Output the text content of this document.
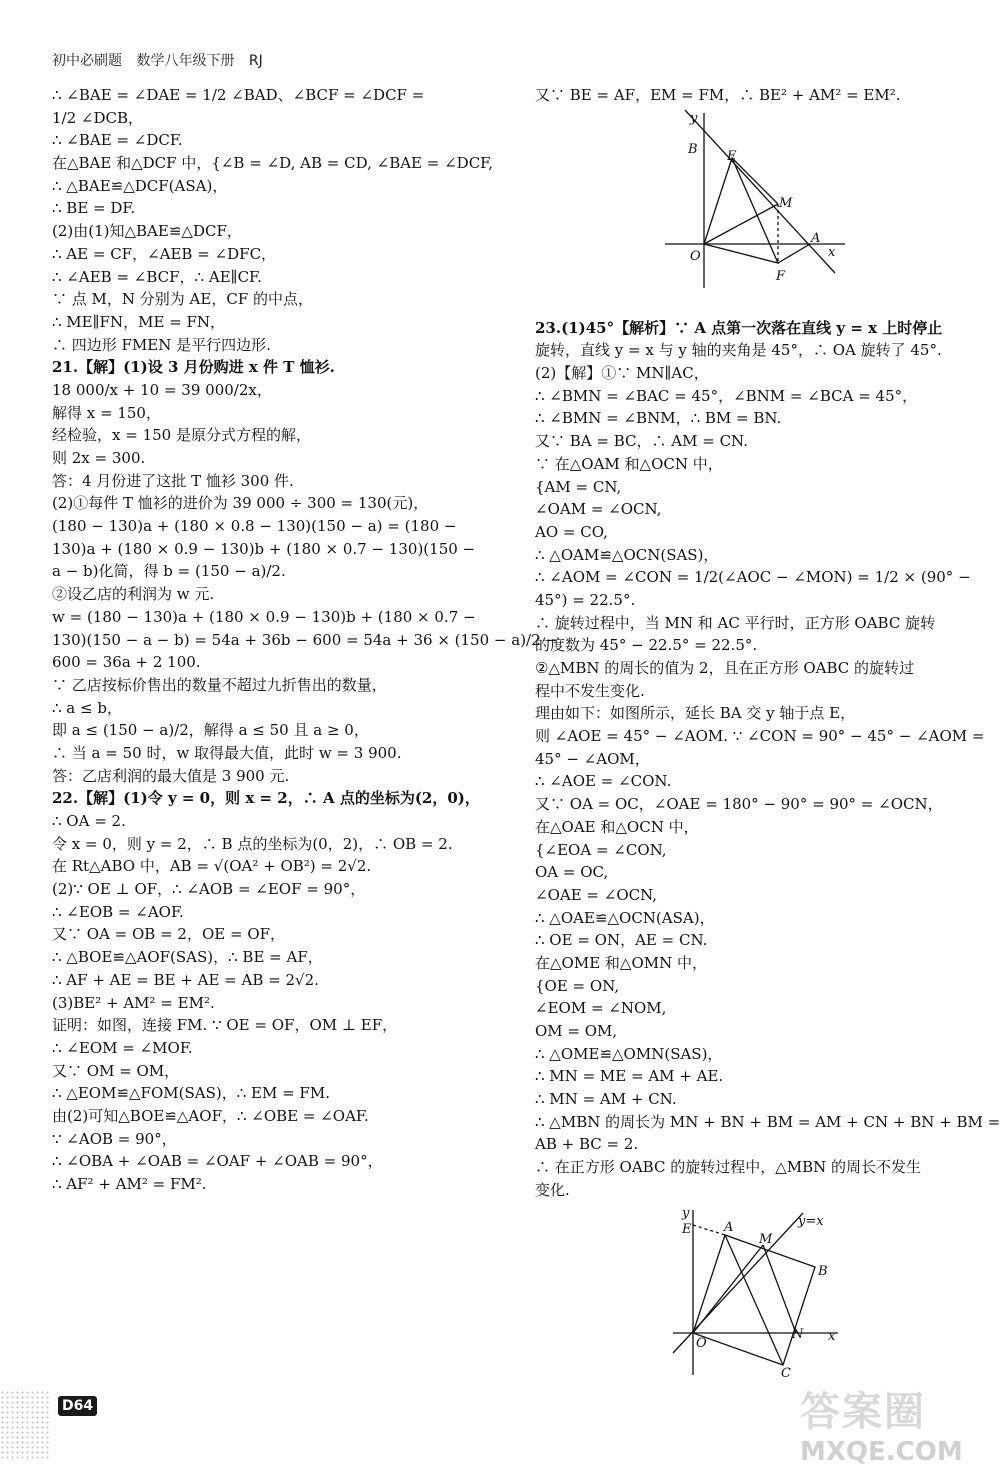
初中必刷题 数学八年级下册 RJ
∴ ∠BAE = ∠DAE = 1/2 ∠BAD、∠BCF = ∠DCF =
1/2 ∠DCB，
∴ ∠BAE = ∠DCF.
在△BAE 和△DCF 中，{∠B = ∠D, AB = CD, ∠BAE = ∠DCF,
∴ △BAE≌△DCF(ASA)，
∴ BE = DF.
(2)由(1)知△BAE≌△DCF，
∴ AE = CF，∠AEB = ∠DFC，
∴ ∠AEB = ∠BCF，∴ AE∥CF.
∵ 点 M，N 分别为 AE，CF 的中点，
∴ ME∥FN，ME = FN，
∴ 四边形 FMEN 是平行四边形.
21.【解】(1)设 3 月份购进 x 件 T 恤衫.
18 000/x + 10 = 39 000/2x，
解得 x = 150，
经检验，x = 150 是原分式方程的解，
则 2x = 300.
答：4 月份进了这批 T 恤衫 300 件.
(2)①每件 T 恤衫的进价为 39 000 ÷ 300 = 130(元)，
(180 − 130)a + (180 × 0.8 − 130)(150 − a) = (180 −
130)a + (180 × 0.9 − 130)b + (180 × 0.7 − 130)(150 −
a − b)化简，得 b = (150 − a)/2.
②设乙店的利润为 w 元.
w = (180 − 130)a + (180 × 0.9 − 130)b + (180 × 0.7 −
130)(150 − a − b) = 54a + 36b − 600 = 54a + 36 × (150 − a)/2 −
600 = 36a + 2 100.
∵ 乙店按标价售出的数量不超过九折售出的数量，
∴ a ≤ b，
即 a ≤ (150 − a)/2，解得 a ≤ 50 且 a ≥ 0，
∴ 当 a = 50 时，w 取得最大值，此时 w = 3 900.
答：乙店利润的最大值是 3 900 元.
22.【解】(1)令 y = 0，则 x = 2，∴ A 点的坐标为(2，0)，
∴ OA = 2.
令 x = 0，则 y = 2，∴ B 点的坐标为(0，2)，∴ OB = 2.
在 Rt△ABO 中，AB = √(OA² + OB²) = 2√2.
(2)∵ OE ⊥ OF，∴ ∠AOB = ∠EOF = 90°，
∴ ∠EOB = ∠AOF.
又∵ OA = OB = 2，OE = OF，
∴ △BOE≌△AOF(SAS)，∴ BE = AF，
∴ AF + AE = BE + AE = AB = 2√2.
(3)BE² + AM² = EM².
证明：如图，连接 FM. ∵ OE = OF，OM ⊥ EF，
∴ ∠EOM = ∠MOF.
又∵ OM = OM，
∴ △EOM≌△FOM(SAS)，∴ EM = FM.
由(2)可知△BOE≌△AOF，∴ ∠OBE = ∠OAF.
∵ ∠AOB = 90°，
∴ ∠OBA + ∠OAB = ∠OAF + ∠OAB = 90°，
∴ AF² + AM² = FM².
又∵ BE = AF，EM = FM，∴ BE² + AM² = EM².
23.(1)45°【解析】∵ A 点第一次落在直线 y = x 上时停止
旋转，直线 y = x 与 y 轴的夹角是 45°，∴ OA 旋转了 45°.
(2)【解】①∵ MN∥AC，
∴ ∠BMN = ∠BAC = 45°，∠BNM = ∠BCA = 45°，
∴ ∠BMN = ∠BNM，∴ BM = BN.
又∵ BA = BC，∴ AM = CN.
∵ 在△OAM 和△OCN 中，
{AM = CN,
∠OAM = ∠OCN,
AO = CO,
∴ △OAM≌△OCN(SAS)，
∴ ∠AOM = ∠CON = 1/2(∠AOC − ∠MON) = 1/2 × (90° −
45°) = 22.5°.
∴ 旋转过程中，当 MN 和 AC 平行时，正方形 OABC 旋转
的度数为 45° − 22.5° = 22.5°.
②△MBN 的周长的值为 2，且在正方形 OABC 的旋转过
程中不发生变化.
理由如下：如图所示，延长 BA 交 y 轴于点 E，
则 ∠AOE = 45° − ∠AOM. ∵ ∠CON = 90° − 45° − ∠AOM =
45° − ∠AOM，
∴ ∠AOE = ∠CON.
又∵ OA = OC，∠OAE = 180° − 90° = 90° = ∠OCN，
在△OAE 和△OCN 中，
{∠EOA = ∠CON,
OA = OC,
∠OAE = ∠OCN,
∴ △OAE≌△OCN(ASA)，
∴ OE = ON，AE = CN.
在△OME 和△OMN 中，
{OE = ON,
∠EOM = ∠NOM,
OM = OM,
∴ △OME≌△OMN(SAS)，
∴ MN = ME = AM + AE.
∴ MN = AM + CN.
∴ △MBN 的周长为 MN + BN + BM = AM + CN + BN + BM =
AB + BC = 2.
∴ 在正方形 OABC 的旋转过程中，△MBN 的周长不发生
变化.
y
B E
M
A
x
O
F
y
E	A
M
y=x
B
O
N x
C
D64	答案圈
MXQE.COM
